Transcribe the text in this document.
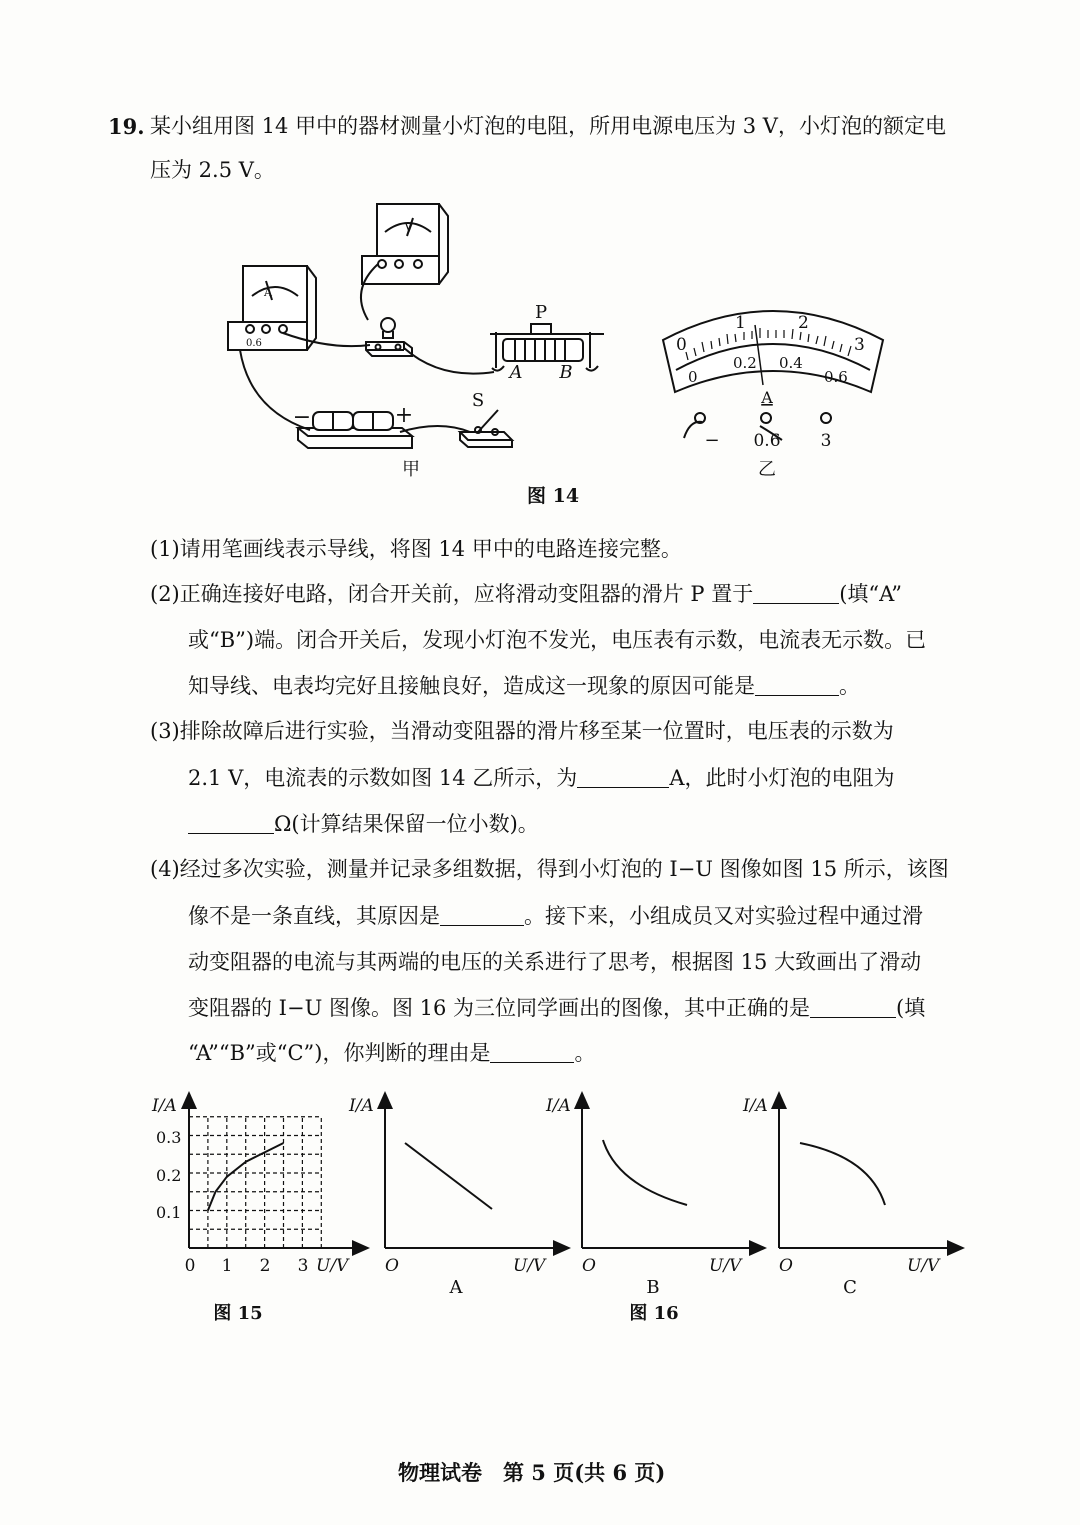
19. 某小组用图 14 甲中的器材测量小灯泡的电阻，所用电源电压为 3 V，小灯泡的额定电
压为 2.5 V。
A
0.6
V
P
A B
S
−	+
甲
0
1	2
3
0
0.2 0.4
0.6
A
− 0.6 3
乙
图 14
(1)请用笔画线表示导线，将图 14 甲中的电路连接完整。
(2)正确连接好电路，闭合开关前，应将滑动变阻器的滑片 P 置于	(填“A”
或“B”)端。闭合开关后，发现小灯泡不发光，电压表有示数，电流表无示数。已
知导线、电表均完好且接触良好，造成这一现象的原因可能是	。
(3)排除故障后进行实验，当滑动变阻器的滑片移至某一位置时，电压表的示数为
2.1 V，电流表的示数如图 14 乙所示，为	A，此时小灯泡的电阻为
Ω(计算结果保留一位小数)。
(4)经过多次实验，测量并记录多组数据，得到小灯泡的 I−U 图像如图 15 所示，该图
像不是一条直线，其原因是	。接下来，小组成员又对实验过程中通过滑
动变阻器的电流与其两端的电压的关系进行了思考，根据图 15 大致画出了滑动
变阻器的 I−U 图像。图 16 为三位同学画出的图像，其中正确的是	(填
“A”“B”或“C”)，你判断的理由是	。
I/A
U/V
0 1 2 3
0.1
0.2
0.3
图 15
I/A
O	U/V
A
I/A
O	U/V
B
I/A
O	U/V
C
图 16
物理试卷　第 5 页(共 6 页)
